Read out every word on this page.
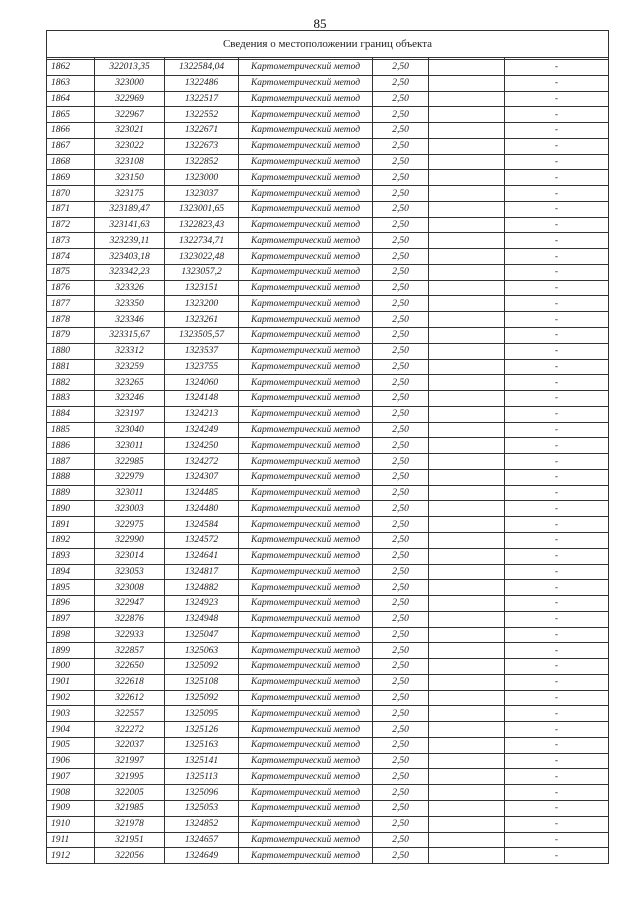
85
Сведения о местоположении границ объекта						

1862	322013,35	1322584,04	Картометрический метод	2,50		-
1863	323000	1322486	Картометрический метод	2,50		-
1864	322969	1322517	Картометрический метод	2,50		-
1865	322967	1322552	Картометрический метод	2,50		-
1866	323021	1322671	Картометрический метод	2,50		-
1867	323022	1322673	Картометрический метод	2,50		-
1868	323108	1322852	Картометрический метод	2,50		-
1869	323150	1323000	Картометрический метод	2,50		-
1870	323175	1323037	Картометрический метод	2,50		-
1871	323189,47	1323001,65	Картометрический метод	2,50		-
1872	323141,63	1322823,43	Картометрический метод	2,50		-
1873	323239,11	1322734,71	Картометрический метод	2,50		-
1874	323403,18	1323022,48	Картометрический метод	2,50		-
1875	323342,23	1323057,2	Картометрический метод	2,50		-
1876	323326	1323151	Картометрический метод	2,50		-
1877	323350	1323200	Картометрический метод	2,50		-
1878	323346	1323261	Картометрический метод	2,50		-
1879	323315,67	1323505,57	Картометрический метод	2,50		-
1880	323312	1323537	Картометрический метод	2,50		-
1881	323259	1323755	Картометрический метод	2,50		-
1882	323265	1324060	Картометрический метод	2,50		-
1883	323246	1324148	Картометрический метод	2,50		-
1884	323197	1324213	Картометрический метод	2,50		-
1885	323040	1324249	Картометрический метод	2,50		-
1886	323011	1324250	Картометрический метод	2,50		-
1887	322985	1324272	Картометрический метод	2,50		-
1888	322979	1324307	Картометрический метод	2,50		-
1889	323011	1324485	Картометрический метод	2,50		-
1890	323003	1324480	Картометрический метод	2,50		-
1891	322975	1324584	Картометрический метод	2,50		-
1892	322990	1324572	Картометрический метод	2,50		-
1893	323014	1324641	Картометрический метод	2,50		-
1894	323053	1324817	Картометрический метод	2,50		-
1895	323008	1324882	Картометрический метод	2,50		-
1896	322947	1324923	Картометрический метод	2,50		-
1897	322876	1324948	Картометрический метод	2,50		-
1898	322933	1325047	Картометрический метод	2,50		-
1899	322857	1325063	Картометрический метод	2,50		-
1900	322650	1325092	Картометрический метод	2,50		-
1901	322618	1325108	Картометрический метод	2,50		-
1902	322612	1325092	Картометрический метод	2,50		-
1903	322557	1325095	Картометрический метод	2,50		-
1904	322272	1325126	Картометрический метод	2,50		-
1905	322037	1325163	Картометрический метод	2,50		-
1906	321997	1325141	Картометрический метод	2,50		-
1907	321995	1325113	Картометрический метод	2,50		-
1908	322005	1325096	Картометрический метод	2,50		-
1909	321985	1325053	Картометрический метод	2,50		-
1910	321978	1324852	Картометрический метод	2,50		-
1911	321951	1324657	Картометрический метод	2,50		-
1912	322056	1324649	Картометрический метод	2,50		-
